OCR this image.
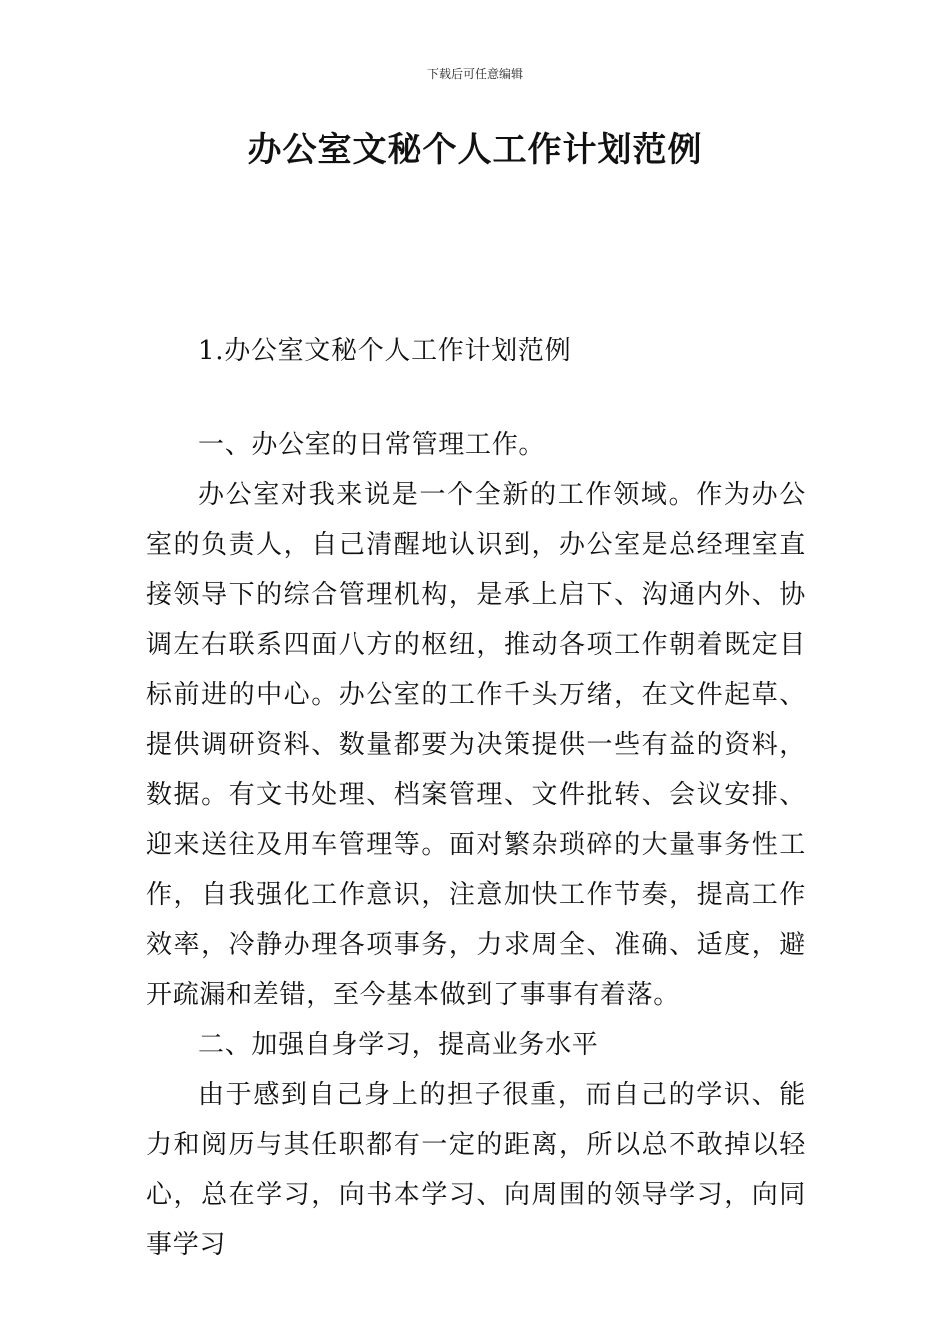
下载后可任意编辑
办公室文秘个人工作计划范例
1.办公室文秘个人工作计划范例

一、办公室的日常管理工作。

办公室对我来说是一个全新的工作领域。作为办公室的负责人，自己清醒地认识到，办公室是总经理室直接领导下的综合管理机构，是承上启下、沟通内外、协调左右联系四面八方的枢纽，推动各项工作朝着既定目标前进的中心。办公室的工作千头万绪，在文件起草、提供调研资料、数量都要为决策提供一些有益的资料，数据。有文书处理、档案管理、文件批转、会议安排、迎来送往及用车管理等。面对繁杂琐碎的大量事务性工作，自我强化工作意识，注意加快工作节奏，提高工作效率，冷静办理各项事务，力求周全、准确、适度，避开疏漏和差错，至今基本做到了事事有着落。

二、加强自身学习，提高业务水平

由于感到自己身上的担子很重，而自己的学识、能力和阅历与其任职都有一定的距离，所以总不敢掉以轻心，总在学习，向书本学习、向周围的领导学习，向同事学习
